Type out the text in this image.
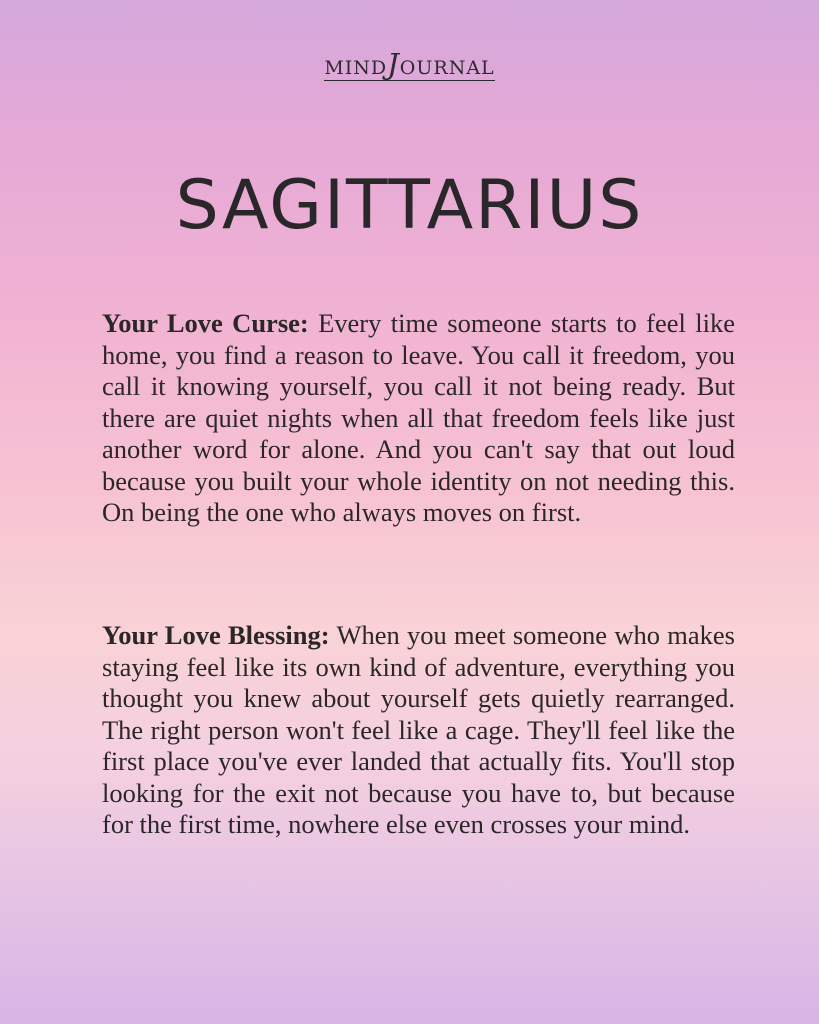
MINDJOURNAL
SAGITTARIUS

Your Love Curse: Every time someone starts to feel like home, you find a reason to leave. You call it freedom, you call it knowing yourself, you call it not being ready. But there are quiet nights when all that freedom feels like just another word for alone. And you can't say that out loud because you built your whole identity on not needing this. On being the one who always moves on first.

Your Love Blessing: When you meet someone who makes staying feel like its own kind of adventure, everything you thought you knew about yourself gets quietly rearranged. The right person won't feel like a cage. They'll feel like the first place you've ever landed that actually fits. You'll stop looking for the exit not because you have to, but because for the first time, nowhere else even crosses your mind.
